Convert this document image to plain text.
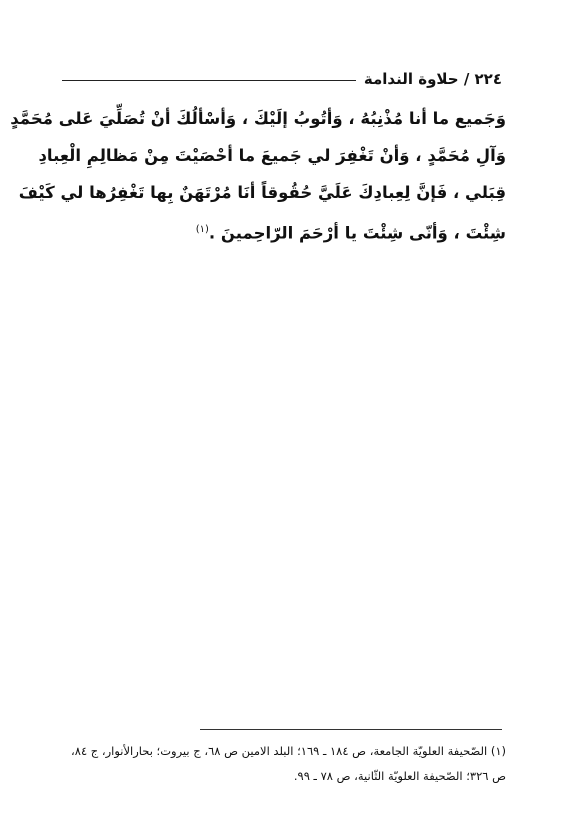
٢٢٤ / حلاوة الندامة
وَجَميع ما أنا مُذْنِبُهُ ، وَأتُوبُ إلَيْكَ ، وَأسْألُكَ أنْ تُصَلِّيَ عَلى مُحَمَّدٍ
وَآلِ مُحَمَّدٍ ، وَأنْ تَغْفِرَ لي جَميعَ ما أحْصَيْتَ مِنْ مَظالِمِ الْعِبادِ
قِبَلي ، فَإنَّ لِعِبادِكَ عَلَيَّ حُقُوقاً أنَا مُرْتَهَنٌ بِها تَغْفِرُها لي كَيْفَ
شِئْتَ ، وَأنّى شِئْتَ يا أرْحَمَ الرّاحِمينَ .$^{(١)}$
(١) الصّحيفة العلويّة الجامعة، ص ١٨٤ ـ ١٦٩؛ البلد الامين ص ٦٨، ج بيروت؛ بحارالأنوار، ج ٨٤،
ص ٣٢٦؛ الصّحيفة العلويّة الثّانية، ص ٧٨ ـ ٩٩.
